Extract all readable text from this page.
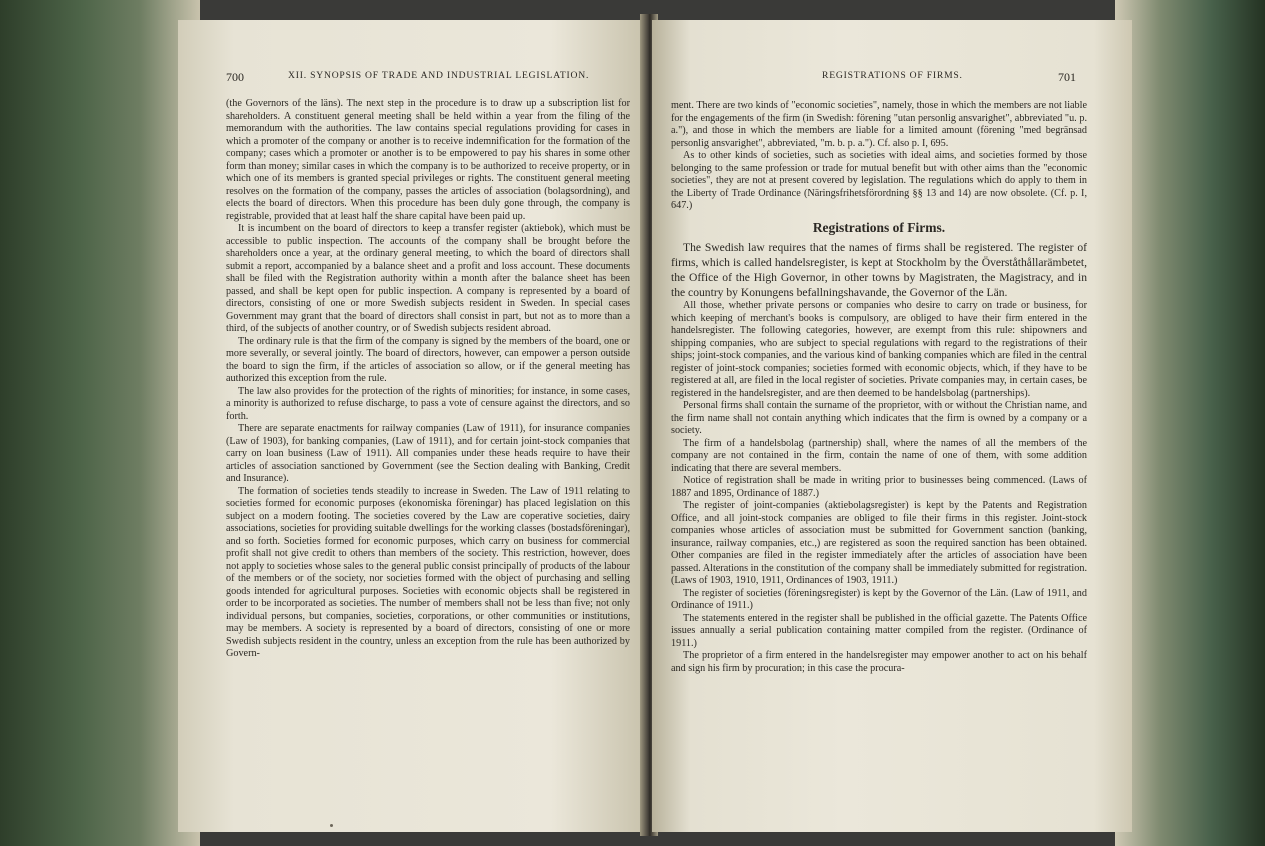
700	XII. SYNOPSIS OF TRADE AND INDUSTRIAL LEGISLATION.

(the Governors of the läns). The next step in the procedure is to draw up a subscription list for shareholders. A constituent general meeting shall be held within a year from the filing of the memorandum with the authorities. The law contains special regulations providing for cases in which a promoter of the company or another is to receive indemnification for the formation of the company; cases which a promoter or another is to be empowered to pay his shares in some other form than money; similar cases in which the company is to be authorized to receive property, or in which one of its members is granted special privileges or rights. The constituent general meeting resolves on the formation of the company, passes the articles of association (bolagsordning), and elects the board of directors. When this procedure has been duly gone through, the company is registrable, provided that at least half the share capital have been paid up.

It is incumbent on the board of directors to keep a transfer register (aktiebok), which must be accessible to public inspection. The accounts of the company shall be brought before the shareholders once a year, at the ordinary general meeting, to which the board of directors shall submit a report, accompanied by a balance sheet and a profit and loss account. These documents shall be filed with the Registration authority within a month after the balance sheet has been passed, and shall be kept open for public inspection. A company is represented by a board of directors, consisting of one or more Swedish subjects resident in Sweden. In special cases Government may grant that the board of directors shall consist in part, but not as to more than a third, of the subjects of another country, or of Swedish subjects resident abroad.

The ordinary rule is that the firm of the company is signed by the members of the board, one or more severally, or several jointly. The board of directors, however, can empower a person outside the board to sign the firm, if the articles of association so allow, or if the general meeting has authorized this exception from the rule.

The law also provides for the protection of the rights of minorities; for instance, in some cases, a minority is authorized to refuse discharge, to pass a vote of censure against the directors, and so forth.

There are separate enactments for railway companies (Law of 1911), for insurance companies (Law of 1903), for banking companies, (Law of 1911), and for certain joint-stock companies that carry on loan business (Law of 1911). All companies under these heads require to have their articles of association sanctioned by Government (see the Section dealing with Banking, Credit and Insurance).

The formation of societies tends steadily to increase in Sweden. The Law of 1911 relating to societies formed for economic purposes (ekonomiska föreningar) has placed legislation on this subject on a modern footing. The societies covered by the Law are coperative societies, dairy associations, societies for providing suitable dwellings for the working classes (bostadsföreningar), and so forth. Societies formed for economic purposes, which carry on business for commercial profit shall not give credit to others than members of the society. This restriction, however, does not apply to societies whose sales to the general public consist principally of products of the labour of the members or of the society, nor societies formed with the object of purchasing and selling goods intended for agricultural purposes. Societies with economic objects shall be registered in order to be incorporated as societies. The number of members shall not be less than five; not only individual persons, but companies, societies, corporations, or other communities or institutions, may be members. A society is represented by a board of directors, consisting of one or more Swedish subjects resident in the country, unless an exception from the rule has been authorized by Govern-

REGISTRATIONS OF FIRMS.	701

ment. There are two kinds of "economic societies", namely, those in which the members are not liable for the engagements of the firm (in Swedish: förening "utan personlig ansvarighet", abbreviated "u. p. a."), and those in which the members are liable for a limited amount (förening "med begränsad personlig ansvarighet", abbreviated, "m. b. p. a."). Cf. also p. I, 695.

As to other kinds of societies, such as societies with ideal aims, and societies formed by those belonging to the same profession or trade for mutual benefit but with other aims than the "economic societies", they are not at present covered by legislation. The regulations which do apply to them in the Liberty of Trade Ordinance (Näringsfrihetsförordning §§ 13 and 14) are now obsolete. (Cf. p. I, 647.)

Registrations of Firms.

The Swedish law requires that the names of firms shall be registered. The register of firms, which is called handelsregister, is kept at Stockholm by the Överståthållarämbetet, the Office of the High Governor, in other towns by Magistraten, the Magistracy, and in the country by Konungens befallningshavande, the Governor of the Län.

All those, whether private persons or companies who desire to carry on trade or business, for which keeping of merchant's books is compulsory, are obliged to have their firm entered in the handelsregister. The following categories, however, are exempt from this rule: shipowners and shipping companies, who are subject to special regulations with regard to the registrations of their ships; joint-stock companies, and the various kind of banking companies which are filed in the central register of joint-stock companies; societies formed with economic objects, which, if they have to be registered at all, are filed in the local register of societies. Private companies may, in certain cases, be registered in the handelsregister, and are then deemed to be handelsbolag (partnerships).

Personal firms shall contain the surname of the proprietor, with or without the Christian name, and the firm name shall not contain anything which indicates that the firm is owned by a company or a society.

The firm of a handelsbolag (partnership) shall, where the names of all the members of the company are not contained in the firm, contain the name of one of them, with some addition indicating that there are several members.

Notice of registration shall be made in writing prior to businesses being commenced. (Laws of 1887 and 1895, Ordinance of 1887.)

The register of joint-companies (aktiebolagsregister) is kept by the Patents and Registration Office, and all joint-stock companies are obliged to file their firms in this register. Joint-stock companies whose articles of association must be submitted for Government sanction (banking, insurance, railway companies, etc.,) are registered as soon the required sanction has been obtained. Other companies are filed in the register immediately after the articles of association have been passed. Alterations in the constitution of the company shall be immediately submitted for registration. (Laws of 1903, 1910, 1911, Ordinances of 1903, 1911.)

The register of societies (föreningsregister) is kept by the Governor of the Län. (Law of 1911, and Ordinance of 1911.)

The statements entered in the register shall be published in the official gazette. The Patents Office issues annually a serial publication containing matter compiled from the register. (Ordinance of 1911.)

The proprietor of a firm entered in the handelsregister may empower another to act on his behalf and sign his firm by procuration; in this case the procura-
